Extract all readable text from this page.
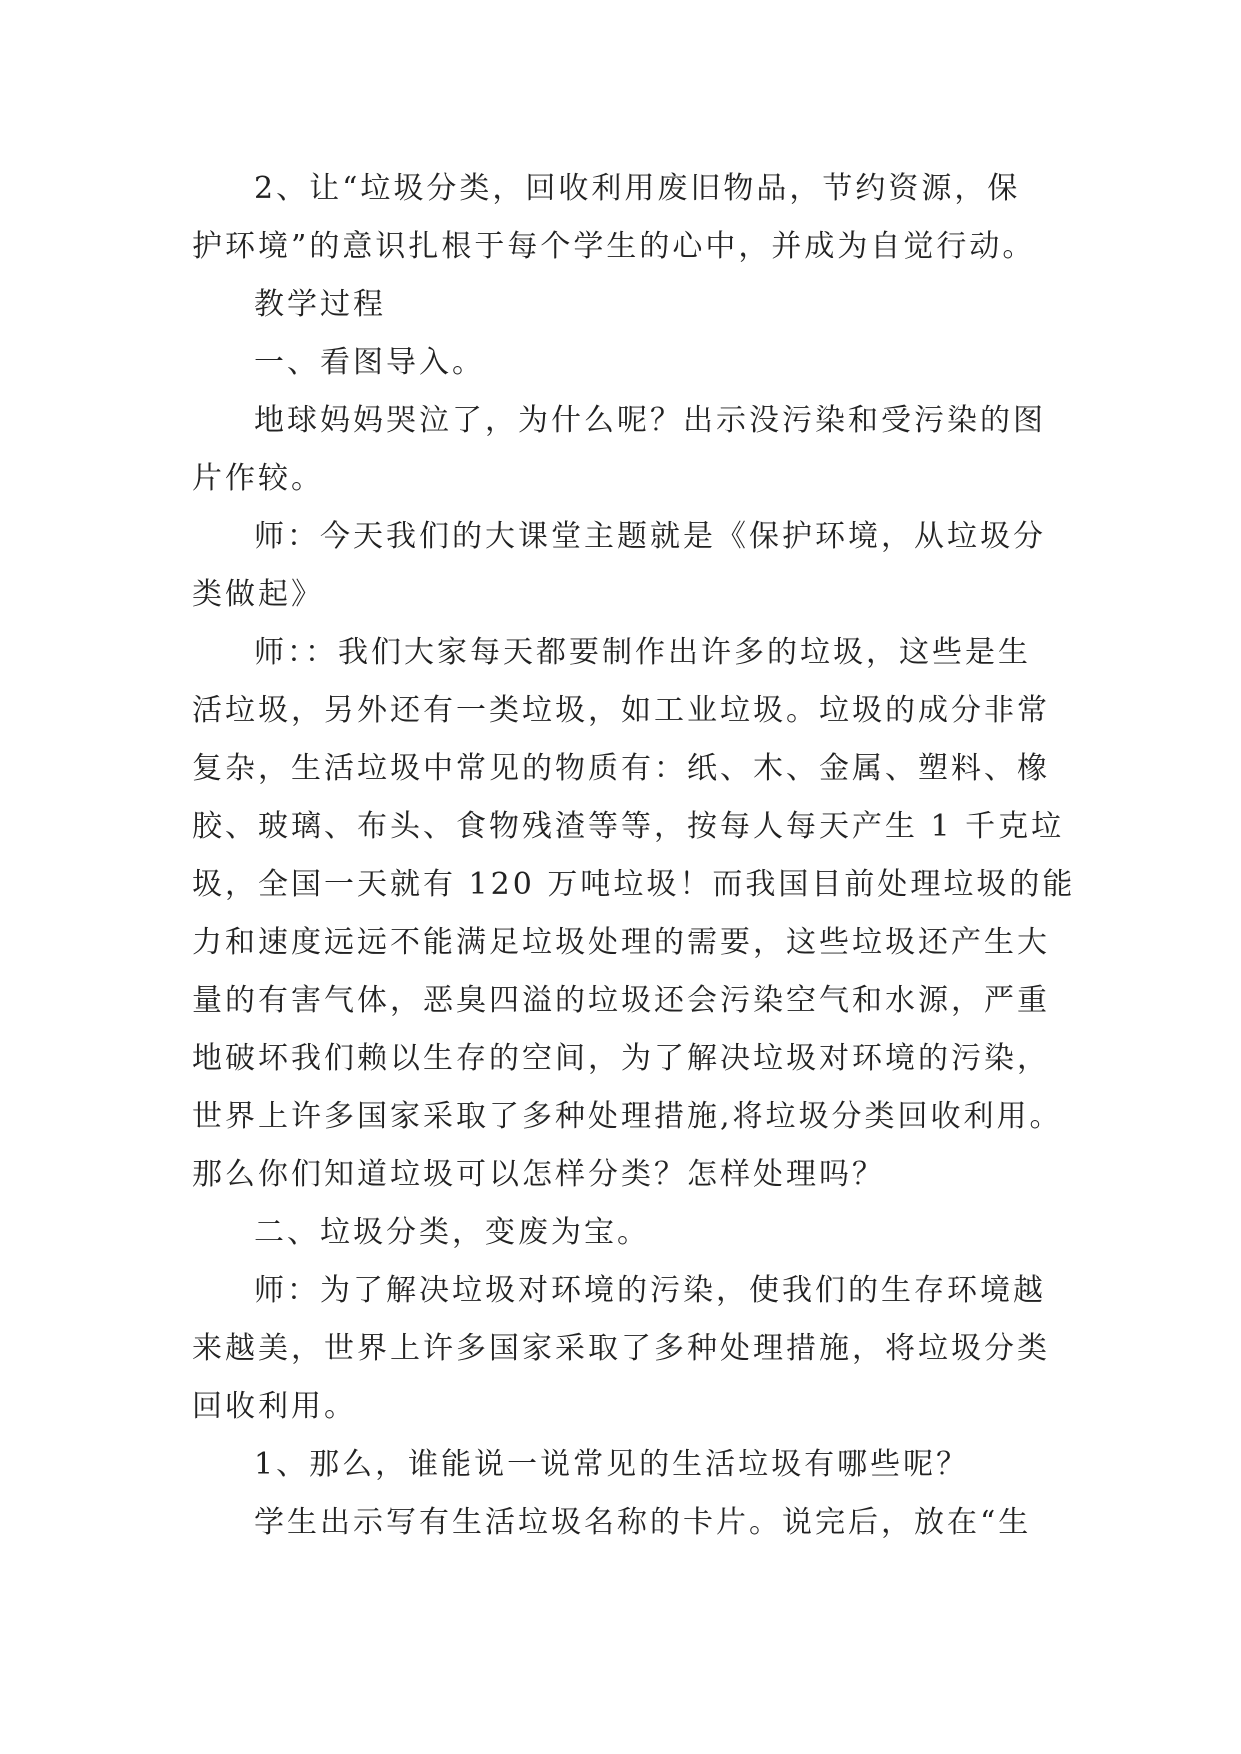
2、让“垃圾分类，回收利用废旧物品，节约资源，保
护环境”的意识扎根于每个学生的心中，并成为自觉行动。
教学过程
一、看图导入。
地球妈妈哭泣了，为什么呢？出示没污染和受污染的图
片作较。
师：今天我们的大课堂主题就是《保护环境，从垃圾分
类做起》
师：：我们大家每天都要制作出许多的垃圾，这些是生
活垃圾，另外还有一类垃圾，如工业垃圾。垃圾的成分非常
复杂，生活垃圾中常见的物质有：纸、木、金属、塑料、橡
胶、玻璃、布头、食物残渣等等，按每人每天产生 1 千克垃
圾，全国一天就有 120 万吨垃圾！而我国目前处理垃圾的能
力和速度远远不能满足垃圾处理的需要，这些垃圾还产生大
量的有害气体，恶臭四溢的垃圾还会污染空气和水源，严重
地破坏我们赖以生存的空间，为了解决垃圾对环境的污染，
世界上许多国家采取了多种处理措施,将垃圾分类回收利用。
那么你们知道垃圾可以怎样分类？怎样处理吗？
二、垃圾分类，变废为宝。
师：为了解决垃圾对环境的污染，使我们的生存环境越
来越美，世界上许多国家采取了多种处理措施，将垃圾分类
回收利用。
1、那么，谁能说一说常见的生活垃圾有哪些呢？
学生出示写有生活垃圾名称的卡片。说完后，放在“生
